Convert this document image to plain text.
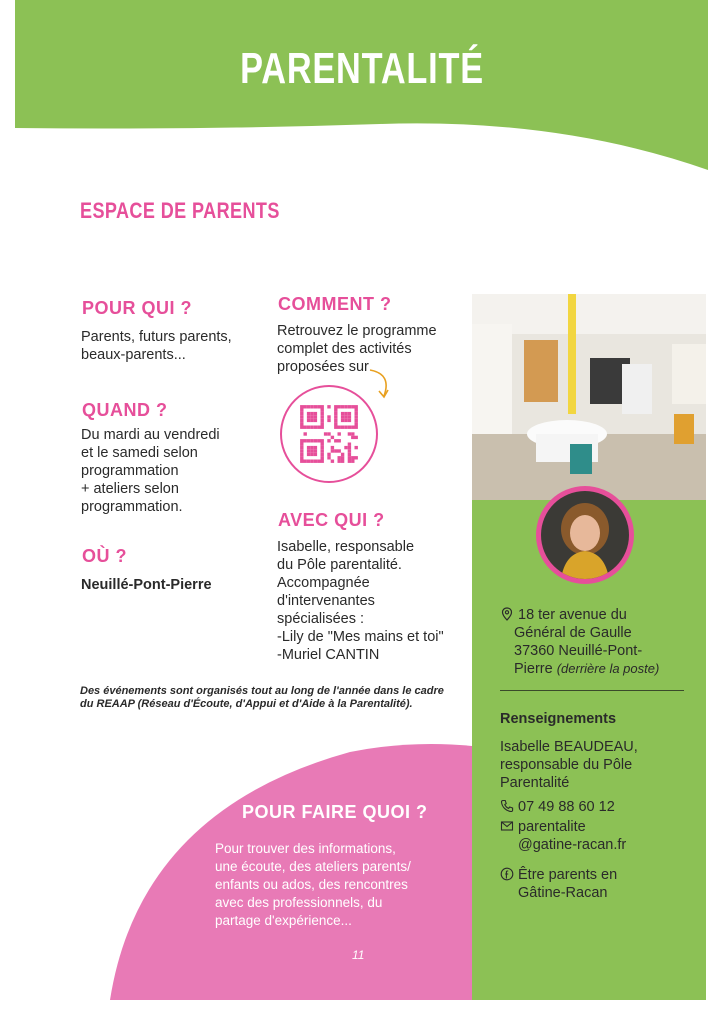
PARENTALITÉ
ESPACE DE PARENTS
POUR QUI ?
Parents, futurs parents,
beaux-parents...
QUAND ?
Du mardi au vendredi
et le samedi selon
programmation
+ ateliers selon
programmation.
OÙ ?
Neuillé-Pont-Pierre
COMMENT ?
Retrouvez le programme
complet des activités
proposées sur
AVEC QUI ?
Isabelle, responsable
du Pôle parentalité.
Accompagnée
d'intervenantes
spécialisées :
-Lily de "Mes mains et toi"
-Muriel CANTIN
Des événements sont organisés tout au long de l'année dans le cadre du REAAP (Réseau d'Écoute, d'Appui et d'Aide à la Parentalité).
POUR FAIRE QUOI ?
Pour trouver des informations,
une écoute, des ateliers parents/
enfants ou ados, des rencontres
avec des professionnels, du
partage d'expérience...
11
18 ter avenue du
Général de Gaulle
37360 Neuillé-Pont-
Pierre (derrière la poste)
Renseignements
Isabelle BEAUDEAU,
responsable du Pôle
Parentalité
07 49 88 60 12
parentalite
@gatine-racan.fr
Être parents en
Gâtine-Racan
